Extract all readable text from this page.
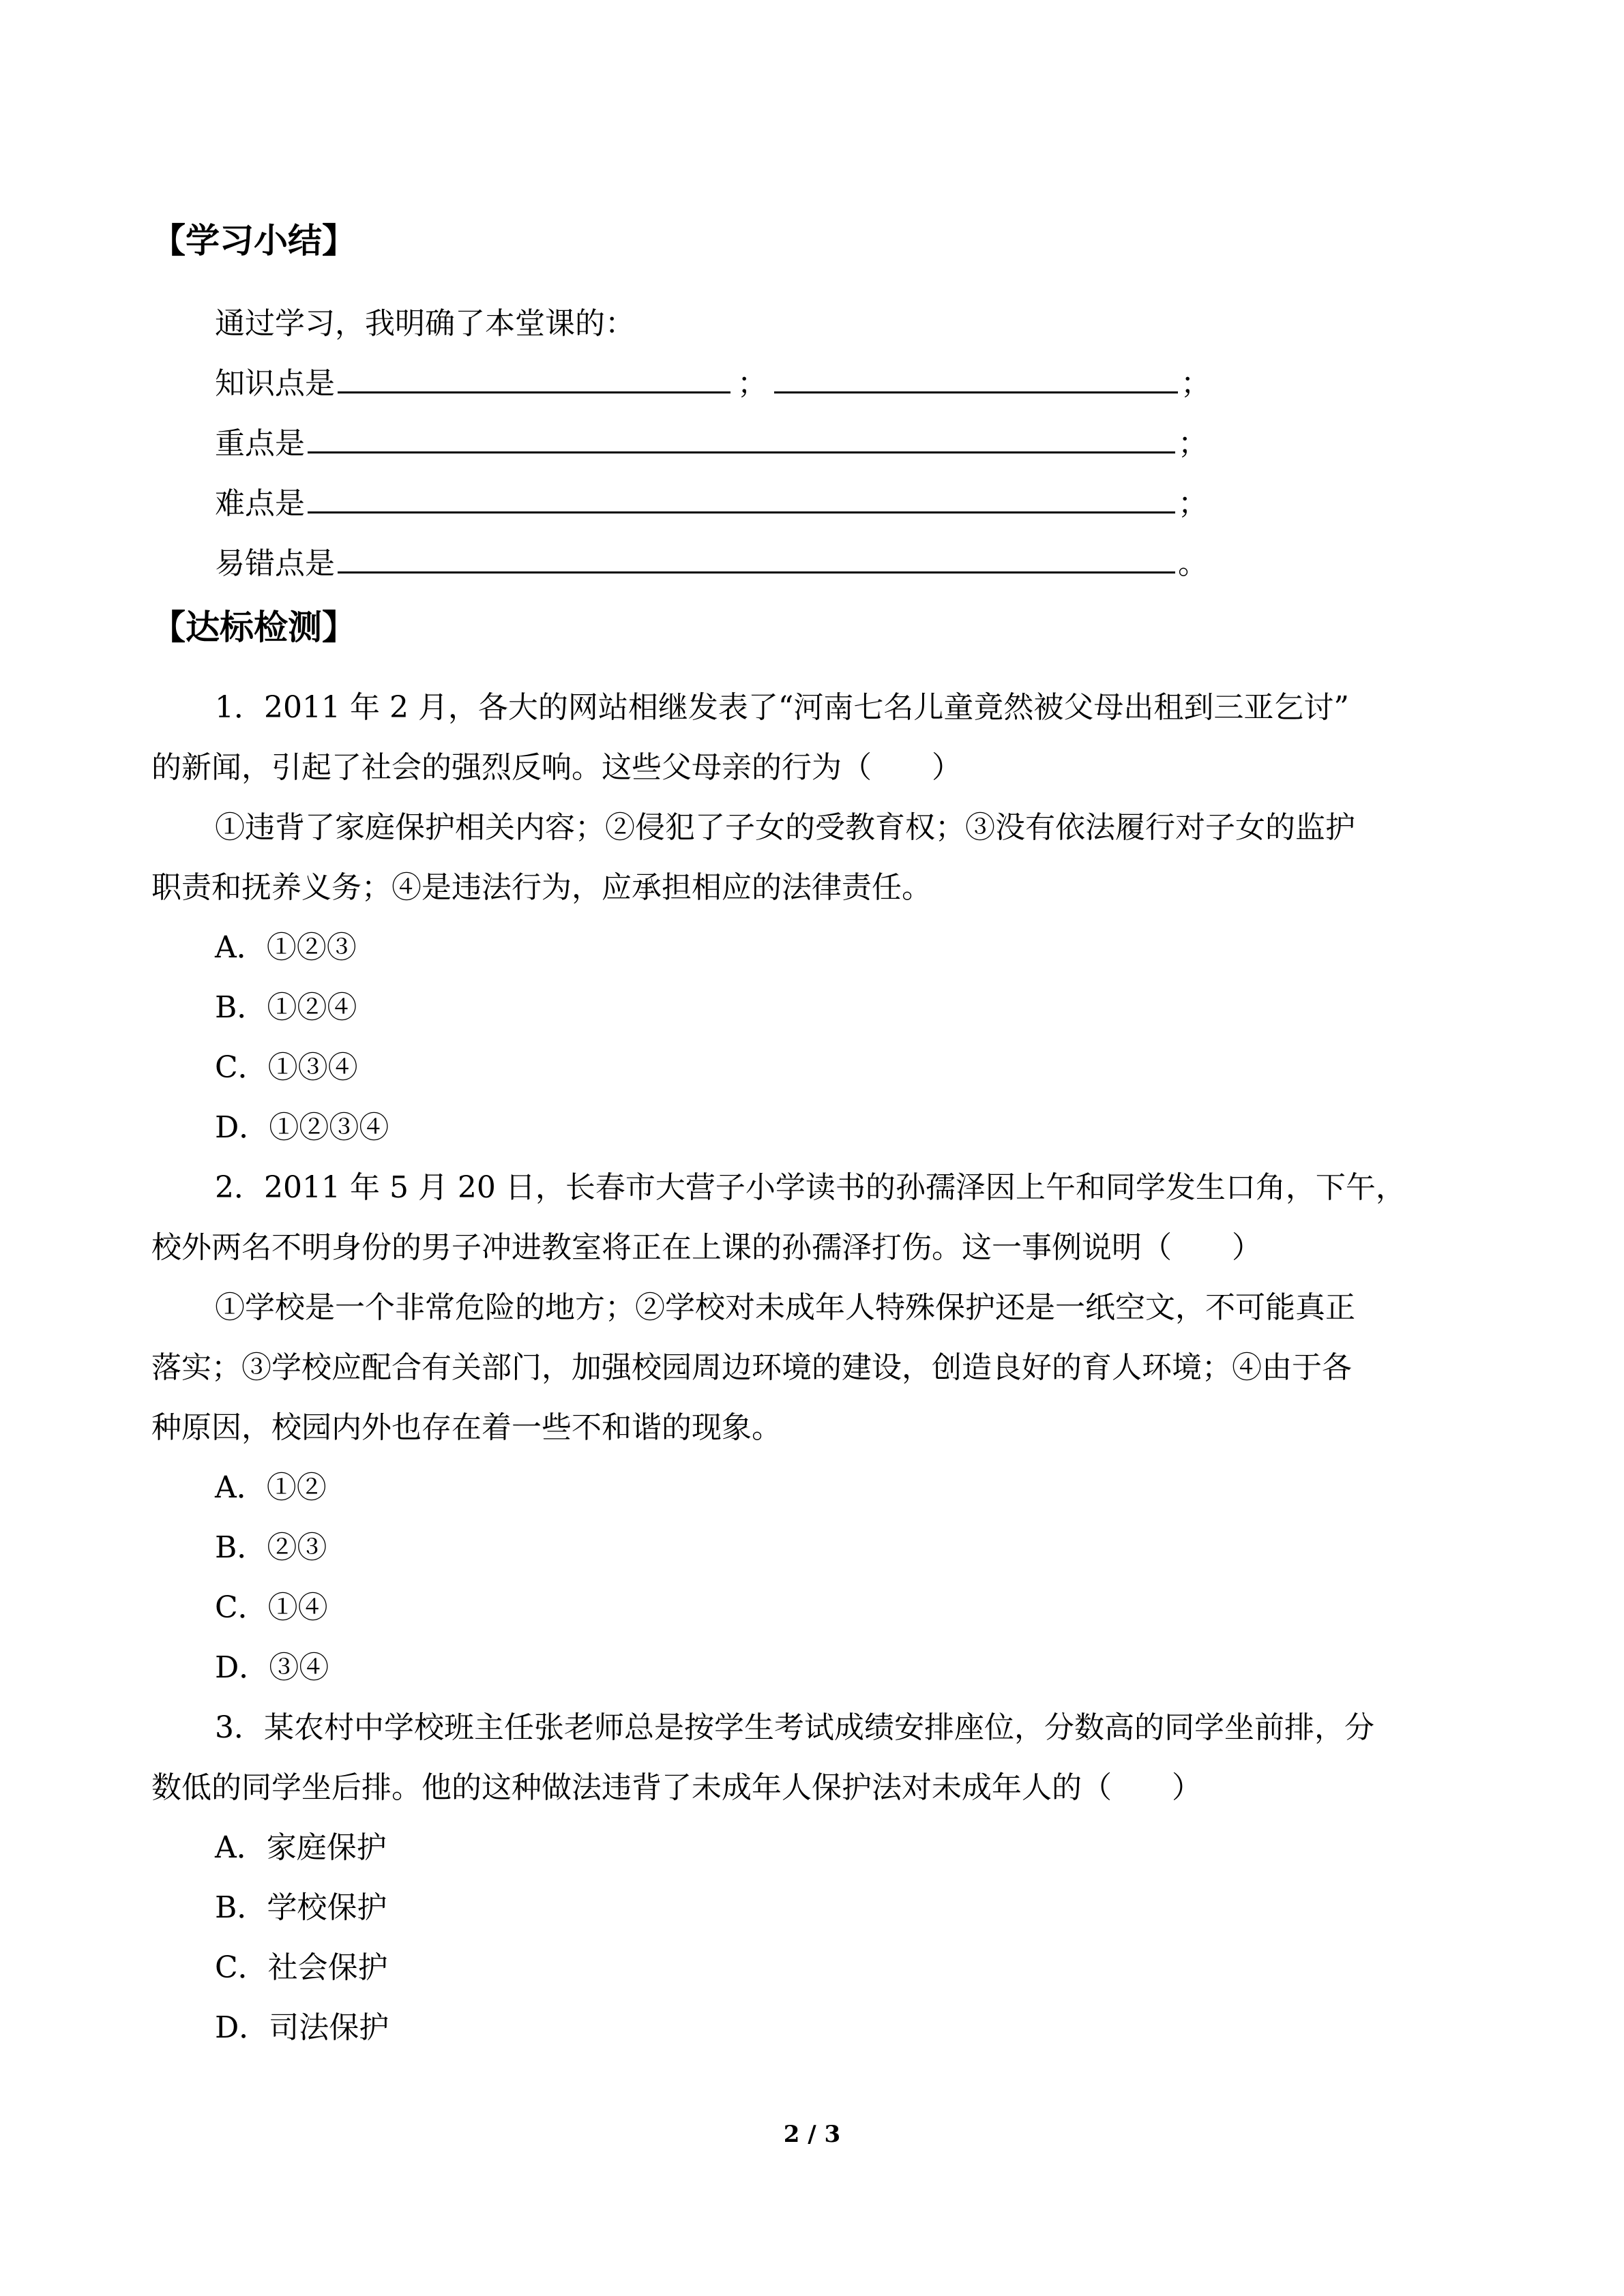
【学习小结】
通过学习，我明确了本堂课的：
知识点是	；	；
重点是	；
难点是	；
易错点是	。
【达标检测】
1．2011 年 2 月，各大的网站相继发表了“河南七名儿童竟然被父母出租到三亚乞讨”
的新闻，引起了社会的强烈反响。这些父母亲的行为（　　）
①违背了家庭保护相关内容；②侵犯了子女的受教育权；③没有依法履行对子女的监护
职责和抚养义务；④是违法行为，应承担相应的法律责任。
A．①②③
B．①②④
C．①③④
D．①②③④
2．2011 年 5 月 20 日，长春市大营子小学读书的孙孺泽因上午和同学发生口角，下午，
校外两名不明身份的男子冲进教室将正在上课的孙孺泽打伤。这一事例说明（　　）
①学校是一个非常危险的地方；②学校对未成年人特殊保护还是一纸空文，不可能真正
落实；③学校应配合有关部门，加强校园周边环境的建设，创造良好的育人环境；④由于各
种原因，校园内外也存在着一些不和谐的现象。
A．①②
B．②③
C．①④
D．③④
3．某农村中学校班主任张老师总是按学生考试成绩安排座位，分数高的同学坐前排，分
数低的同学坐后排。他的这种做法违背了未成年人保护法对未成年人的（　　）
A．家庭保护
B．学校保护
C．社会保护
D．司法保护
2 / 3
